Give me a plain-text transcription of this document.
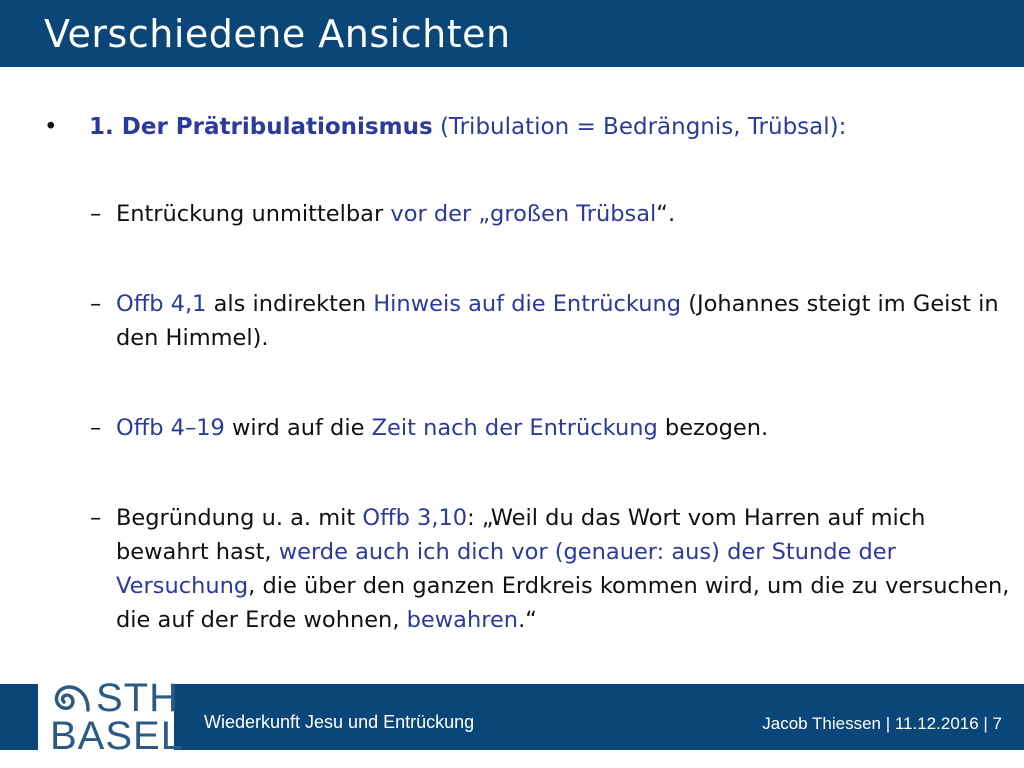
Verschiedene Ansichten
• 1. Der Prätribulationismus (Tribulation = Bedrängnis, Trübsal):
– Entrückung unmittelbar vor der „großen Trübsal“.
– Offb 4,1 als indirekten Hinweis auf die Entrückung (Johannes steigt im Geist in den Himmel).
– Offb 4–19 wird auf die Zeit nach der Entrückung bezogen.
– Begründung u. a. mit Offb 3,10: „Weil du das Wort vom Harren auf mich bewahrt hast, werde auch ich dich vor (genauer: aus) der Stunde der Versuchung, die über den ganzen Erdkreis kommen wird, um die zu versuchen, die auf der Erde wohnen, bewahren.“
Wiederkunft Jesu und Entrückung	Jacob Thiessen | 11.12.2016 | 7
STH
BASEL
